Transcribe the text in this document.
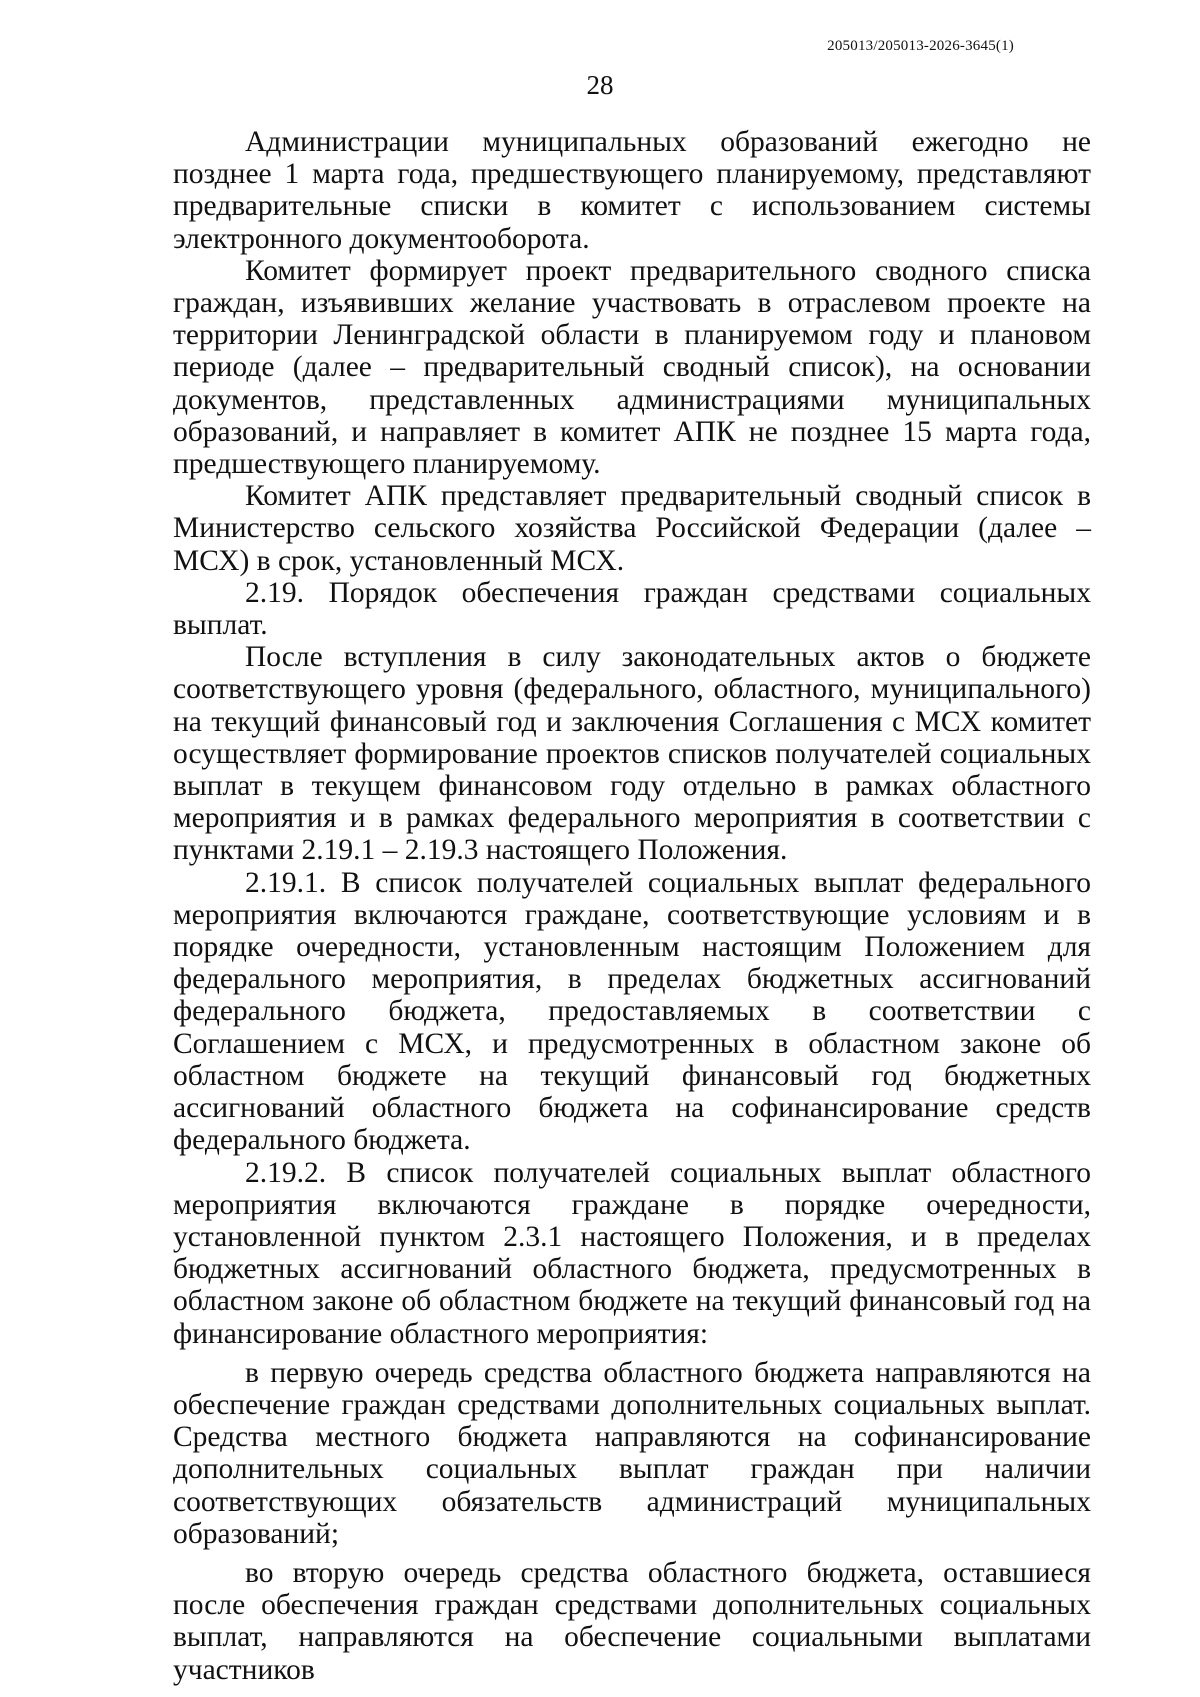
205013/205013-2026-3645(1)
28

Администрации муниципальных образований ежегодно не позднее 1 марта года, предшествующего планируемому, представляют предварительные списки в комитет с использованием системы электронного документооборота.

Комитет формирует проект предварительного сводного списка граждан, изъявивших желание участвовать в отраслевом проекте на территории Ленинградской области в планируемом году и плановом периоде (далее – предварительный сводный список), на основании документов, представленных администрациями муниципальных образований, и направляет в комитет АПК не позднее 15 марта года, предшествующего планируемому.

Комитет АПК представляет предварительный сводный список в Министерство сельского хозяйства Российской Федерации (далее – МСХ) в срок, установленный МСХ.

2.19. Порядок обеспечения граждан средствами социальных выплат.

После вступления в силу законодательных актов о бюджете соответствующего уровня (федерального, областного, муниципального) на текущий финансовый год и заключения Соглашения с МСХ комитет осуществляет формирование проектов списков получателей социальных выплат в текущем финансовом году отдельно в рамках областного мероприятия и в рамках федерального мероприятия в соответствии с пунктами 2.19.1 – 2.19.3 настоящего Положения.

2.19.1. В список получателей социальных выплат федерального мероприятия включаются граждане, соответствующие условиям и в порядке очередности, установленным настоящим Положением для федерального мероприятия, в пределах бюджетных ассигнований федерального бюджета, предоставляемых в соответствии с Соглашением с МСХ, и предусмотренных в областном законе об областном бюджете на текущий финансовый год бюджетных ассигнований областного бюджета на софинансирование средств федерального бюджета.

2.19.2. В список получателей социальных выплат областного мероприятия включаются граждане в порядке очередности, установленной пунктом 2.3.1 настоящего Положения, и в пределах бюджетных ассигнований областного бюджета, предусмотренных в областном законе об областном бюджете на текущий финансовый год на финансирование областного мероприятия:

в первую очередь средства областного бюджета направляются на обеспечение граждан средствами дополнительных социальных выплат. Средства местного бюджета направляются на софинансирование дополнительных социальных выплат граждан при наличии соответствующих обязательств администраций муниципальных образований;

во вторую очередь средства областного бюджета, оставшиеся после обеспечения граждан средствами дополнительных социальных выплат, направляются на обеспечение социальными выплатами участников
